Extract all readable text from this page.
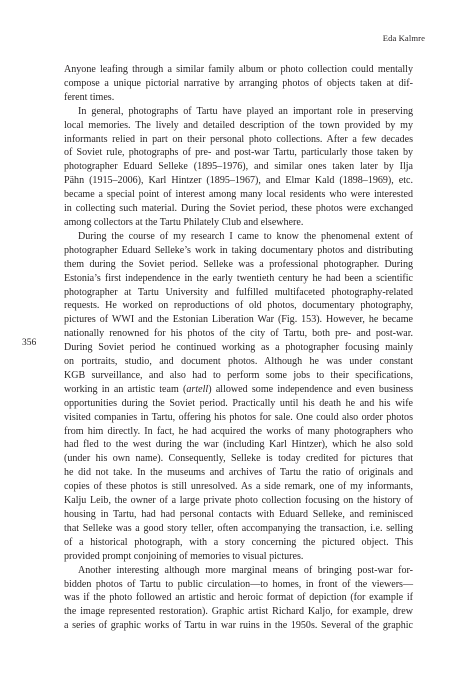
Eda Kalmre
356
Anyone leafing through a similar family album or photo collection could mentally
compose a unique pictorial narrative by arranging photos of objects taken at dif-
ferent times.
In general, photographs of Tartu have played an important role in preserving
local memories. The lively and detailed description of the town provided by my
informants relied in part on their personal photo collections. After a few decades
of Soviet rule, photographs of pre- and post-war Tartu, particularly those taken by
photographer Eduard Selleke (1895–1976), and similar ones taken later by Ilja
Pähn (1915–2006), Karl Hintzer (1895–1967), and Elmar Kald (1898–1969), etc.
became a special point of interest among many local residents who were interested
in collecting such material. During the Soviet period, these photos were exchanged
among collectors at the Tartu Philately Club and elsewhere.
During the course of my research I came to know the phenomenal extent of
photographer Eduard Selleke’s work in taking documentary photos and distributing
them during the Soviet period. Selleke was a professional photographer. During
Estonia’s first independence in the early twentieth century he had been a scientific
photographer at Tartu University and fulfilled multifaceted photography-related
requests. He worked on reproductions of old photos, documentary photography,
pictures of WWI and the Estonian Liberation War (Fig. 153). However, he became
nationally renowned for his photos of the city of Tartu, both pre- and post-war.
During Soviet period he continued working as a photographer focusing mainly
on portraits, studio, and document photos. Although he was under constant
KGB surveillance, and also had to perform some jobs to their specifications,
working in an artistic team (artell) allowed some independence and even business
opportunities during the Soviet period. Practically until his death he and his wife
visited companies in Tartu, offering his photos for sale. One could also order photos
from him directly. In fact, he had acquired the works of many photographers who
had fled to the west during the war (including Karl Hintzer), which he also sold
(under his own name). Consequently, Selleke is today credited for pictures that
he did not take. In the museums and archives of Tartu the ratio of originals and
copies of these photos is still unresolved. As a side remark, one of my informants,
Kalju Leib, the owner of a large private photo collection focusing on the history of
housing in Tartu, had had personal contacts with Eduard Selleke, and reminisced
that Selleke was a good story teller, often accompanying the transaction, i.e. selling
of a historical photograph, with a story concerning the pictured object. This
provided prompt conjoining of memories to visual pictures.
Another interesting although more marginal means of bringing post-war for-
bidden photos of Tartu to public circulation—to homes, in front of the viewers—
was if the photo followed an artistic and heroic format of depiction (for example if
the image represented restoration). Graphic artist Richard Kaljo, for example, drew
a series of graphic works of Tartu in war ruins in the 1950s. Several of the graphic
